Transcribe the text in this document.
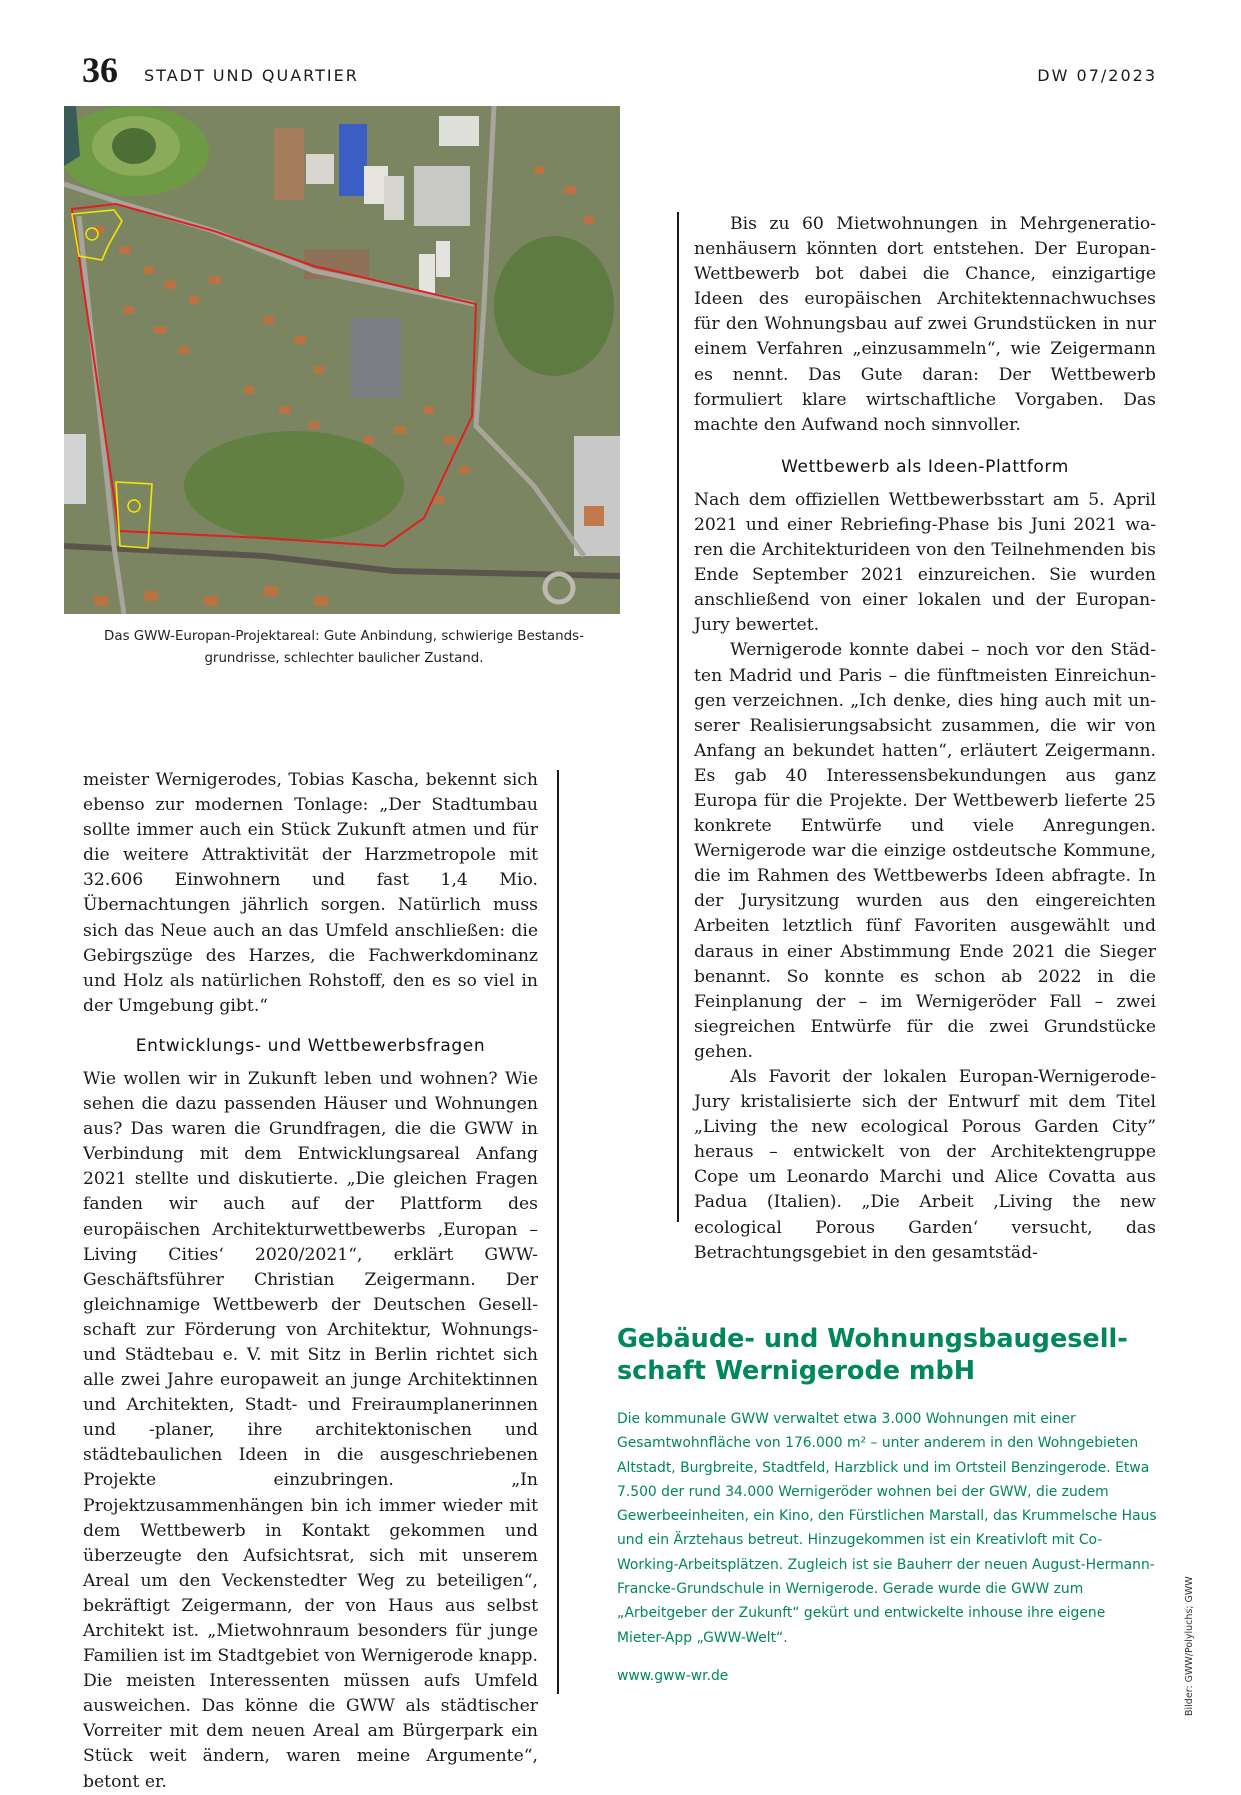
36 STADT UND QUARTIER	DW 07/2023
Das GWW-Europan-Projektareal: Gute Anbindung, schwierige Bestandsgrundrisse, schlechter baulicher Zustand.

meister Wernigerodes, Tobias Kascha, bekennt sich ebenso zur modernen Tonlage: „Der Stadtumbau sollte immer auch ein Stück Zukunft atmen und für die weitere Attraktivität der Harzmetropole mit 32.606 Einwohnern und fast 1,4 Mio. Übernachtungen jährlich sorgen. Natürlich muss sich das Neue auch an das Umfeld anschließen: die Gebirgszüge des Harzes, die Fachwerkdominanz und Holz als natürlichen Rohstoff, den es so viel in der Umgebung gibt.“

Entwicklungs- und Wettbewerbsfragen

Wie wollen wir in Zukunft leben und wohnen? Wie sehen die dazu passenden Häuser und Wohnungen aus? Das waren die Grundfragen, die die GWW in Verbindung mit dem Entwicklungsareal Anfang 2021 stellte und diskutierte. „Die gleichen Fragen fanden wir auch auf der Plattform des europäischen Architekturwettbewerbs ‚Europan – Living Cities‘ 2020/2021“, erklärt GWW-Geschäftsführer Christian Zeigermann. Der gleichnamige Wettbewerb der Deutschen Gesellschaft zur Förderung von Architektur, Wohnungs- und Städtebau e. V. mit Sitz in Berlin richtet sich alle zwei Jahre europaweit an junge Architektinnen und Architekten, Stadt- und Freiraumplanerinnen und -planer, ihre architektonischen und städtebaulichen Ideen in die ausgeschriebenen Projekte einzubringen. „In Projektzusammenhängen bin ich immer wieder mit dem Wettbewerb in Kontakt gekommen und überzeugte den Aufsichtsrat, sich mit unserem Areal um den Veckenstedter Weg zu beteiligen“, bekräftigt Zeigermann, der von Haus aus selbst Architekt ist. „Mietwohnraum besonders für junge Familien ist im Stadtgebiet von Wernigerode knapp. Die meisten Interessenten müssen aufs Umfeld ausweichen. Das könne die GWW als städtischer Vorreiter mit dem neuen Areal am Bürgerpark ein Stück weit ändern, waren meine Argumente“, betont er.

Bis zu 60 Mietwohnungen in Mehrgenerationenhäusern könnten dort entstehen. Der Europan-Wettbewerb bot dabei die Chance, einzigartige Ideen des europäischen Architektennachwuchses für den Wohnungsbau auf zwei Grundstücken in nur einem Verfahren „einzusammeln“, wie Zeigermann es nennt. Das Gute daran: Der Wettbewerb formuliert klare wirtschaftliche Vorgaben. Das machte den Aufwand noch sinnvoller.

Wettbewerb als Ideen-Plattform

Nach dem offiziellen Wettbewerbsstart am 5. April 2021 und einer Rebriefing-Phase bis Juni 2021 waren die Architekturideen von den Teilnehmenden bis Ende September 2021 einzureichen. Sie wurden anschließend von einer lokalen und der Europan-Jury bewertet.

Wernigerode konnte dabei – noch vor den Städten Madrid und Paris – die fünftmeisten Einreichungen verzeichnen. „Ich denke, dies hing auch mit unserer Realisierungsabsicht zusammen, die wir von Anfang an bekundet hatten“, erläutert Zeigermann. Es gab 40 Interessensbekundungen aus ganz Europa für die Projekte. Der Wettbewerb lieferte 25 konkrete Entwürfe und viele Anregungen. Wernigerode war die einzige ostdeutsche Kommune, die im Rahmen des Wettbewerbs Ideen abfragte. In der Jurysitzung wurden aus den eingereichten Arbeiten letztlich fünf Favoriten ausgewählt und daraus in einer Abstimmung Ende 2021 die Sieger benannt. So konnte es schon ab 2022 in die Feinplanung der – im Wernigeröder Fall – zwei siegreichen Entwürfe für die zwei Grundstücke gehen.

Als Favorit der lokalen Europan-Wernigerode-Jury kristalisierte sich der Entwurf mit dem Titel „Living the new ecological Porous Garden City” heraus – entwickelt von der Architektengruppe Cope um Leonardo Marchi und Alice Covatta aus Padua (Italien). „Die Arbeit ‚Living the new ecological Porous Garden‘ versucht, das Betrachtungsgebiet in den gesamtstäd-

Gebäude- und Wohnungsbaugesellschaft Wernigerode mbH
Die kommunale GWW verwaltet etwa 3.000 Wohnungen mit einer Gesamtwohnfläche von 176.000 m² – unter anderem in den Wohngebieten Altstadt, Burgbreite, Stadtfeld, Harzblick und im Ortsteil Benzingerode. Etwa 7.500 der rund 34.000 Wernigeröder wohnen bei der GWW, die zudem Gewerbeeinheiten, ein Kino, den Fürstlichen Marstall, das Krummelsche Haus und ein Ärztehaus betreut. Hinzugekommen ist ein Kreativloft mit Co-Working-Arbeitsplätzen. Zugleich ist sie Bauherr der neuen August-Hermann-Francke-Grundschule in Wernigerode. Gerade wurde die GWW zum „Arbeitgeber der Zukunft“ gekürt und entwickelte inhouse ihre eigene Mieter-App „GWW-Welt“.
www.gww-wr.de	Bilder: GWW/Polyluchs; GWW
